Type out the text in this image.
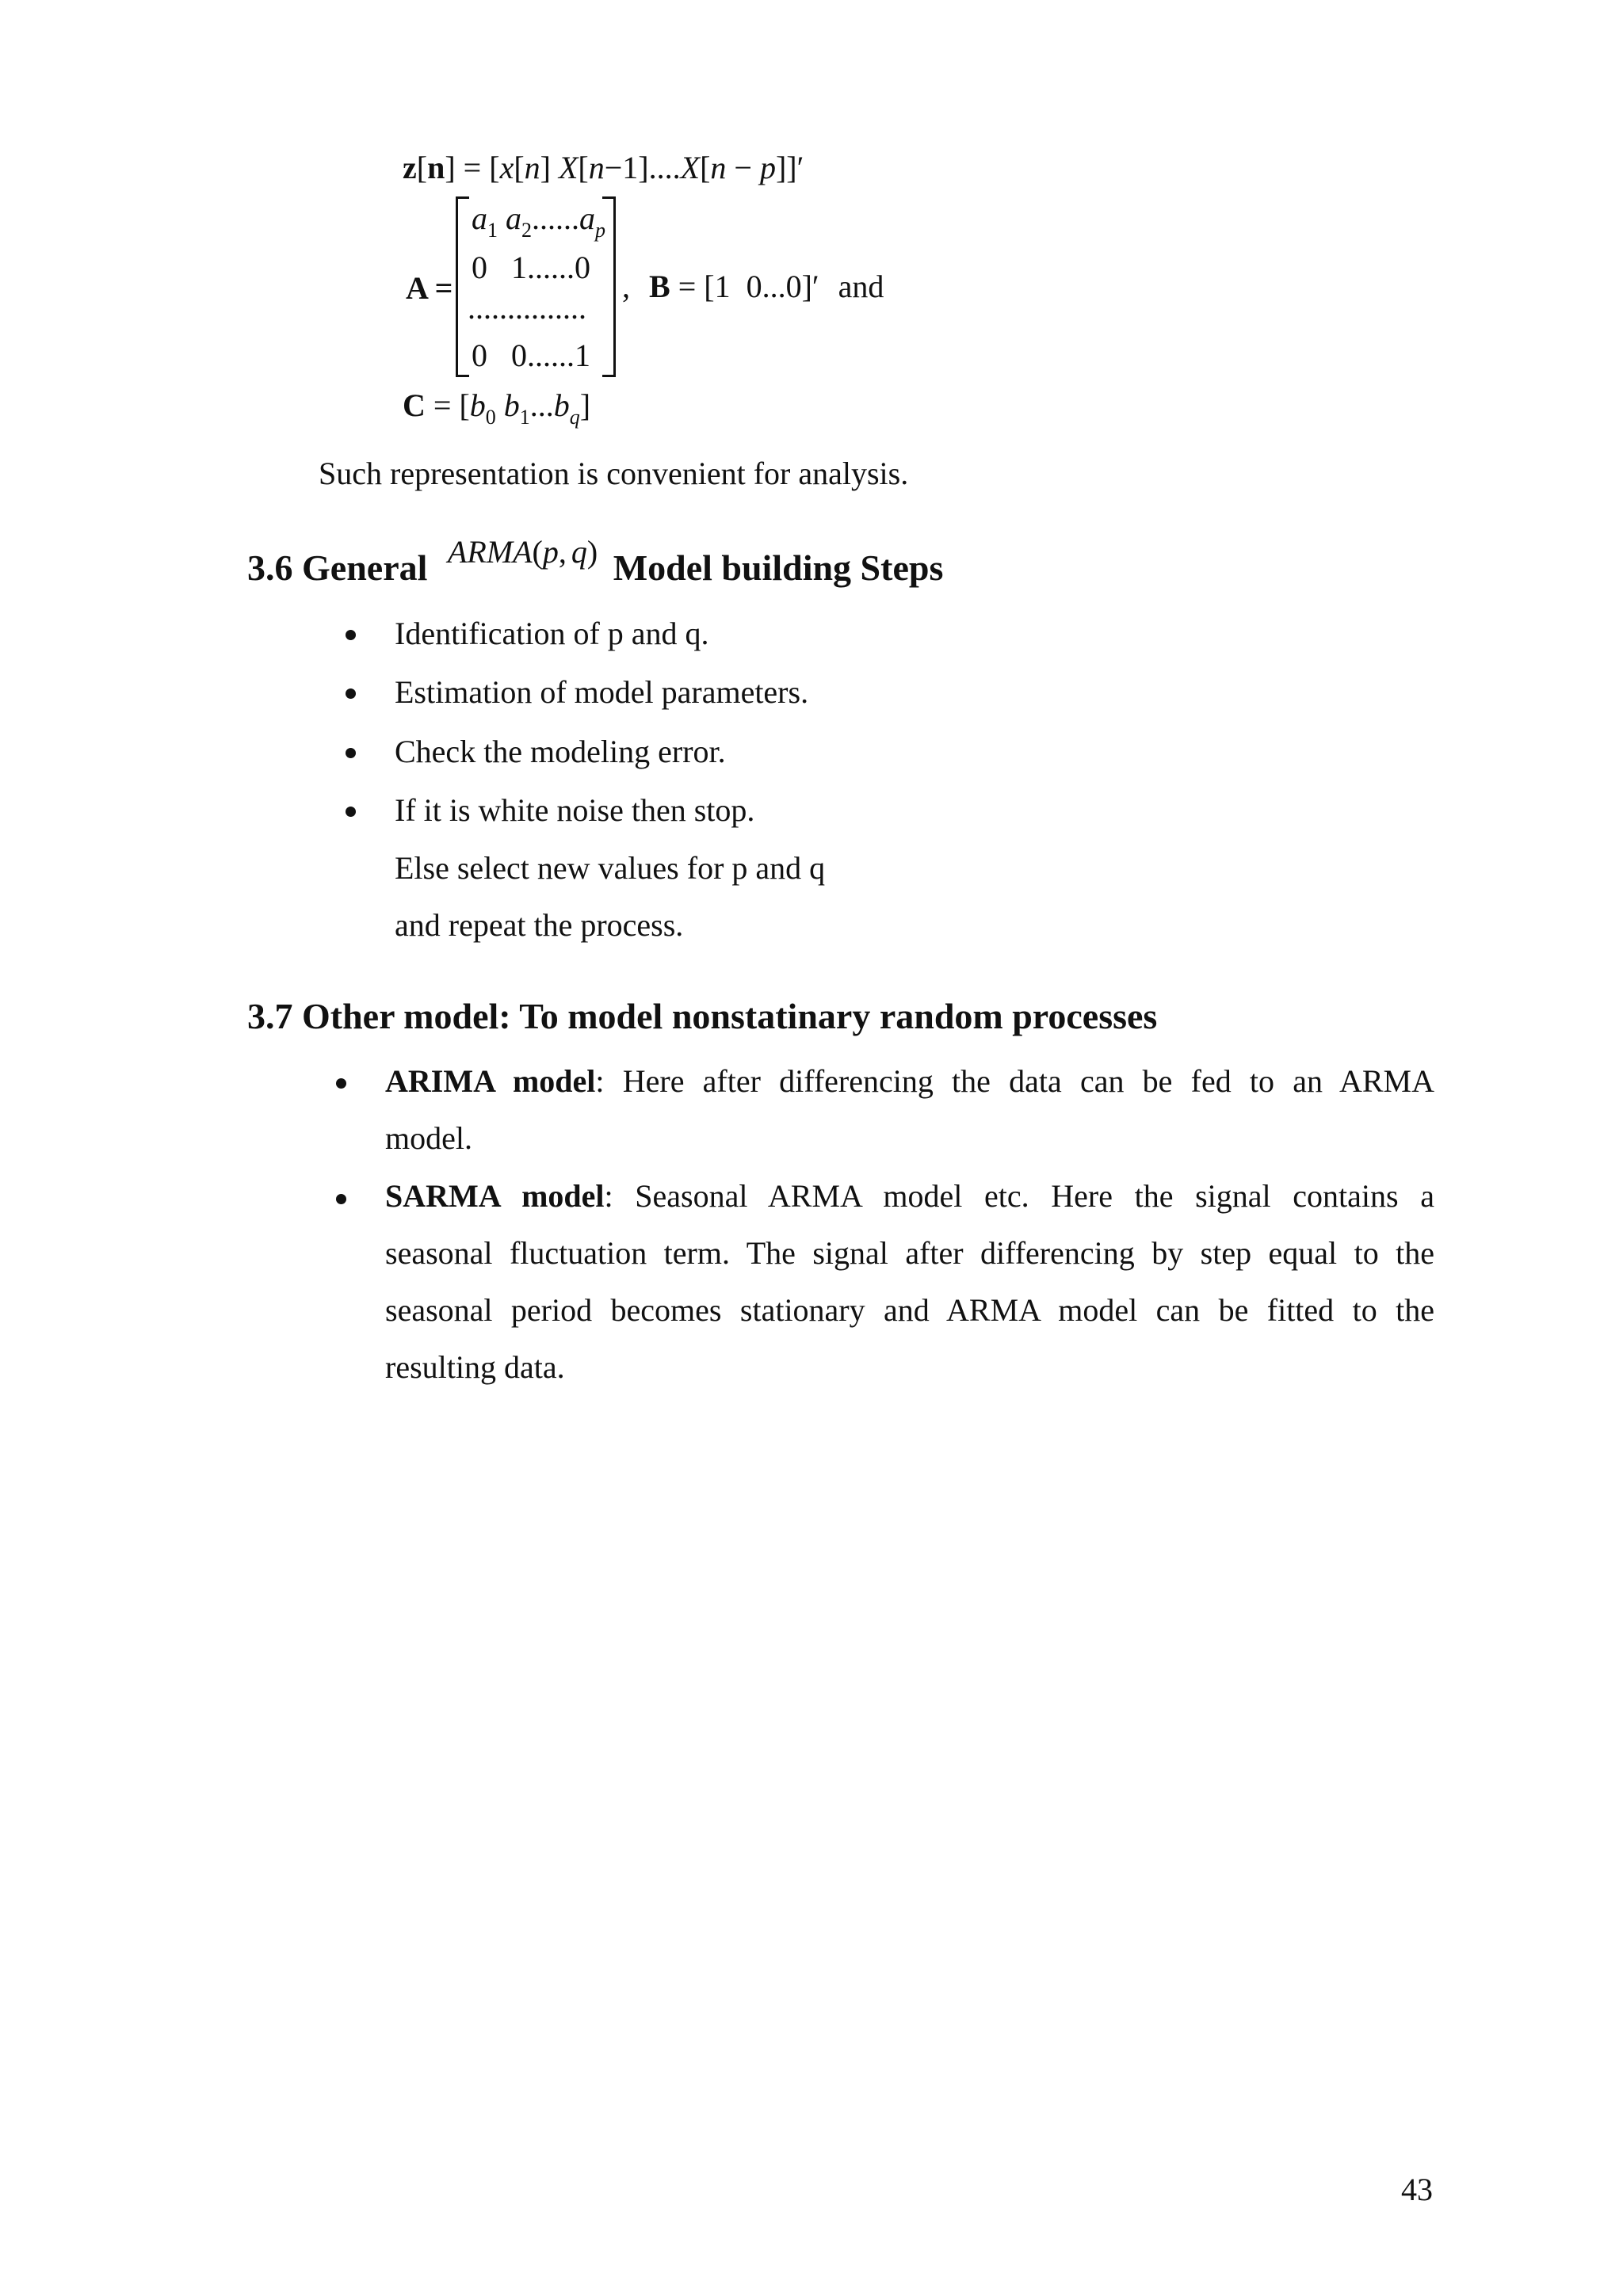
z[n] = [x[n] X[n−1]....X[n − p]]′
A =
$a_1$ $a_2......a_p$
0   1......0
...............
0   0......1
, B = [1  0...0]′ and
$C = [b_0$ $b_1...b_q$]
Such representation is convenient for analysis.
3.6 General ARMA(p, q) Model building Steps
Identification of p and q.
Estimation of model parameters.
Check the modeling error.
If it is white noise then stop.
Else select new values for p and q
and repeat the process.
3.7 Other model: To model nonstatinary random processes
ARIMA model: Here after differencing the data can be fed to an ARMA
model.
SARMA model: Seasonal ARMA model etc. Here the signal contains a
seasonal fluctuation term. The signal after differencing by step equal to the
seasonal period becomes stationary and ARMA model can be fitted to the
resulting data.
43
